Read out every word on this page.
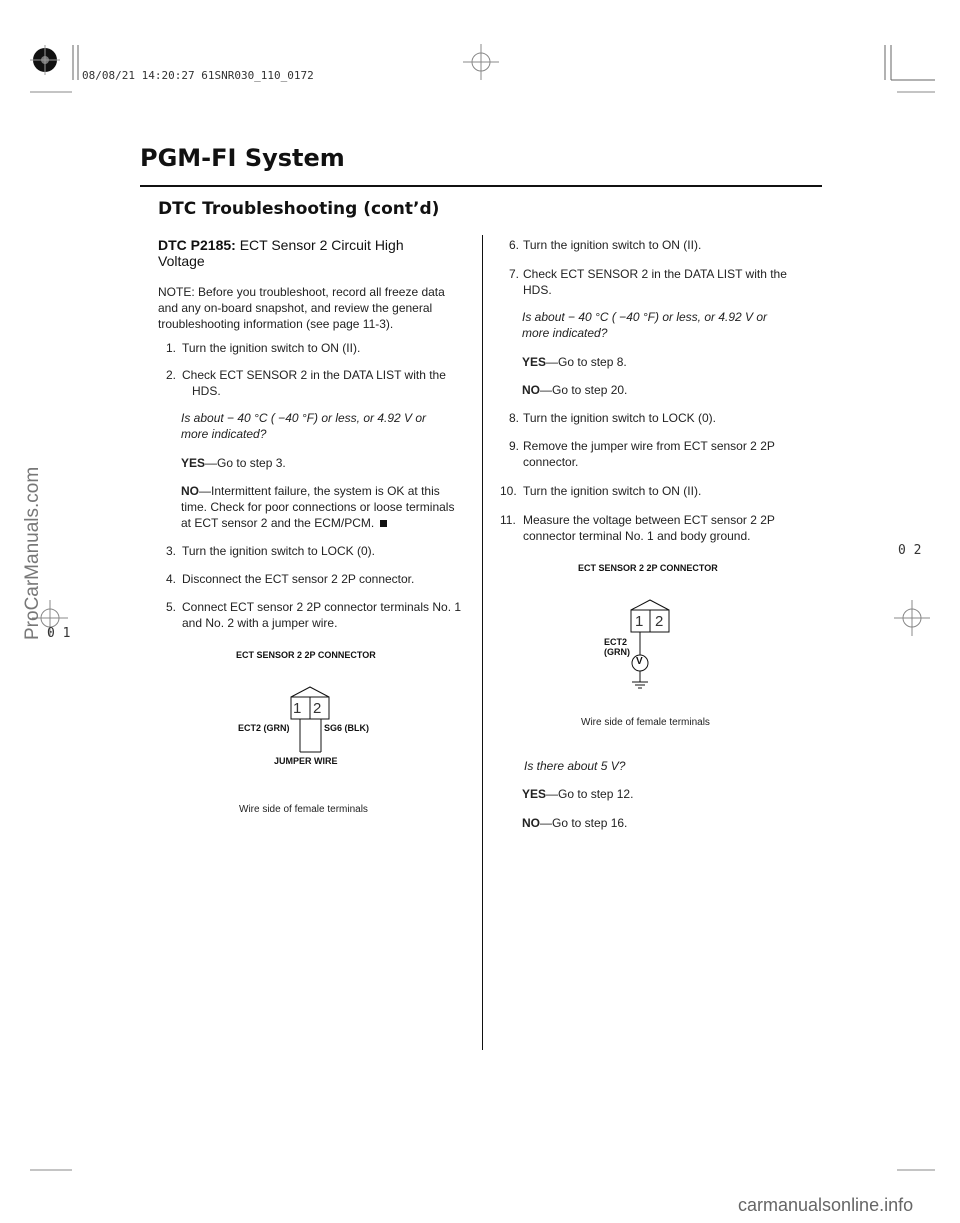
08/08/21 14:20:27 61SNR030_110_0172
PGM-FI System
DTC Troubleshooting (cont’d)
DTC P2185: ECT Sensor 2 Circuit High
Voltage
NOTE: Before you troubleshoot, record all freeze data
and any on-board snapshot, and review the general
troubleshooting information (see page 11-3).
1. Turn the ignition switch to ON (II).
2. Check ECT SENSOR 2 in the DATA LIST with the
HDS.
Is about − 40 °C ( −40 °F) or less, or 4.92 V or
more indicated?
YES—Go to step 3.
NO—Intermittent failure, the system is OK at this
time. Check for poor connections or loose terminals
at ECT sensor 2 and the ECM/PCM.
3. Turn the ignition switch to LOCK (0).
4. Disconnect the ECT sensor 2 2P connector.
5. Connect ECT sensor 2 2P connector terminals No. 1
and No. 2 with a jumper wire.
ECT SENSOR 2 2P CONNECTOR
1 2
ECT2 (GRN)	SG6 (BLK)
JUMPER WIRE
Wire side of female terminals
6. Turn the ignition switch to ON (II).
7. Check ECT SENSOR 2 in the DATA LIST with the
HDS.
Is about − 40 °C ( −40 °F) or less, or 4.92 V or
more indicated?
YES—Go to step 8.
NO—Go to step 20.
8. Turn the ignition switch to LOCK (0).
9. Remove the jumper wire from ECT sensor 2 2P
connector.
10. Turn the ignition switch to ON (II).
11. Measure the voltage between ECT sensor 2 2P
connector terminal No. 1 and body ground.
ECT SENSOR 2 2P CONNECTOR
1 2
ECT2
(GRN)
V
Wire side of female terminals
Is there about 5 V?
YES—Go to step 12.
NO—Go to step 16.
0 2
0 1
ProCarManuals.com
carmanualsonline.info
